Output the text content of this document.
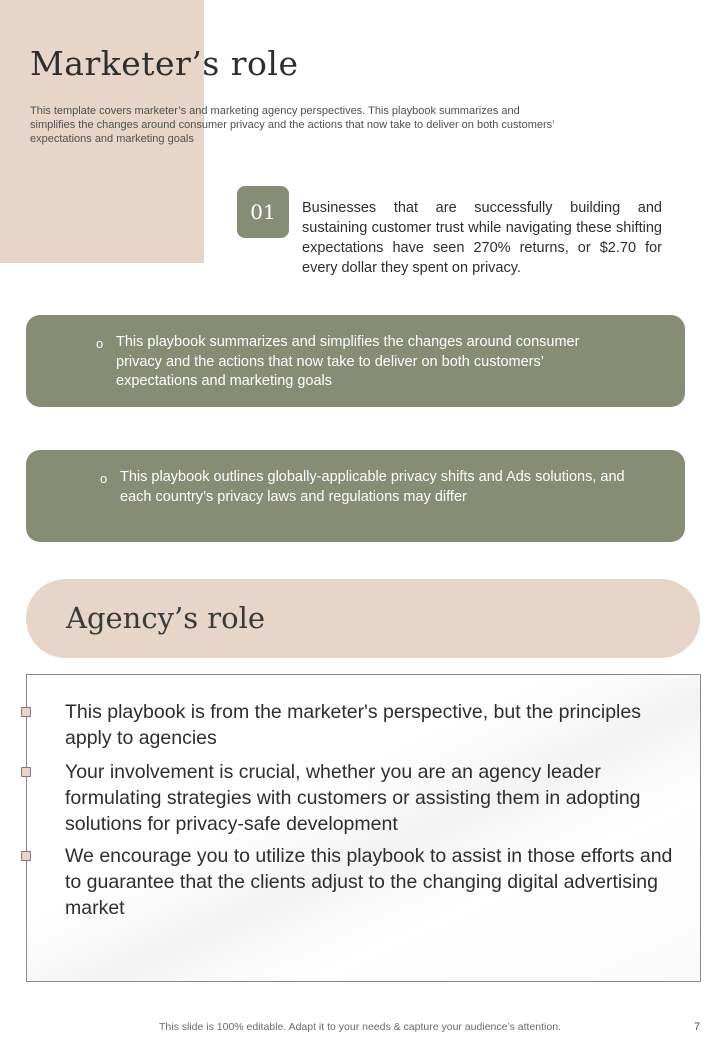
Marketer’s role

This template covers marketer’s and marketing agency perspectives. This playbook summarizes and simplifies the changes around consumer privacy and the actions that now take to deliver on both customers’ expectations and marketing goals

01	Businesses that are successfully building and sustaining customer trust while navigating these shifting expectations have seen 270% returns, or $2.70 for every dollar they spent on privacy.

o This playbook summarizes and simplifies the changes around consumer privacy and the actions that now take to deliver on both customers’ expectations and marketing goals
o This playbook outlines globally-applicable privacy shifts and Ads solutions, and each country’s privacy laws and regulations may differ
Agency’s role
This playbook is from the marketer's perspective, but the principles apply to agencies
Your involvement is crucial, whether you are an agency leader formulating strategies with customers or assisting them in adopting solutions for privacy-safe development
We encourage you to utilize this playbook to assist in those efforts and to guarantee that the clients adjust to the changing digital advertising market
This slide is 100% editable. Adapt it to your needs & capture your audience’s attention.	7
